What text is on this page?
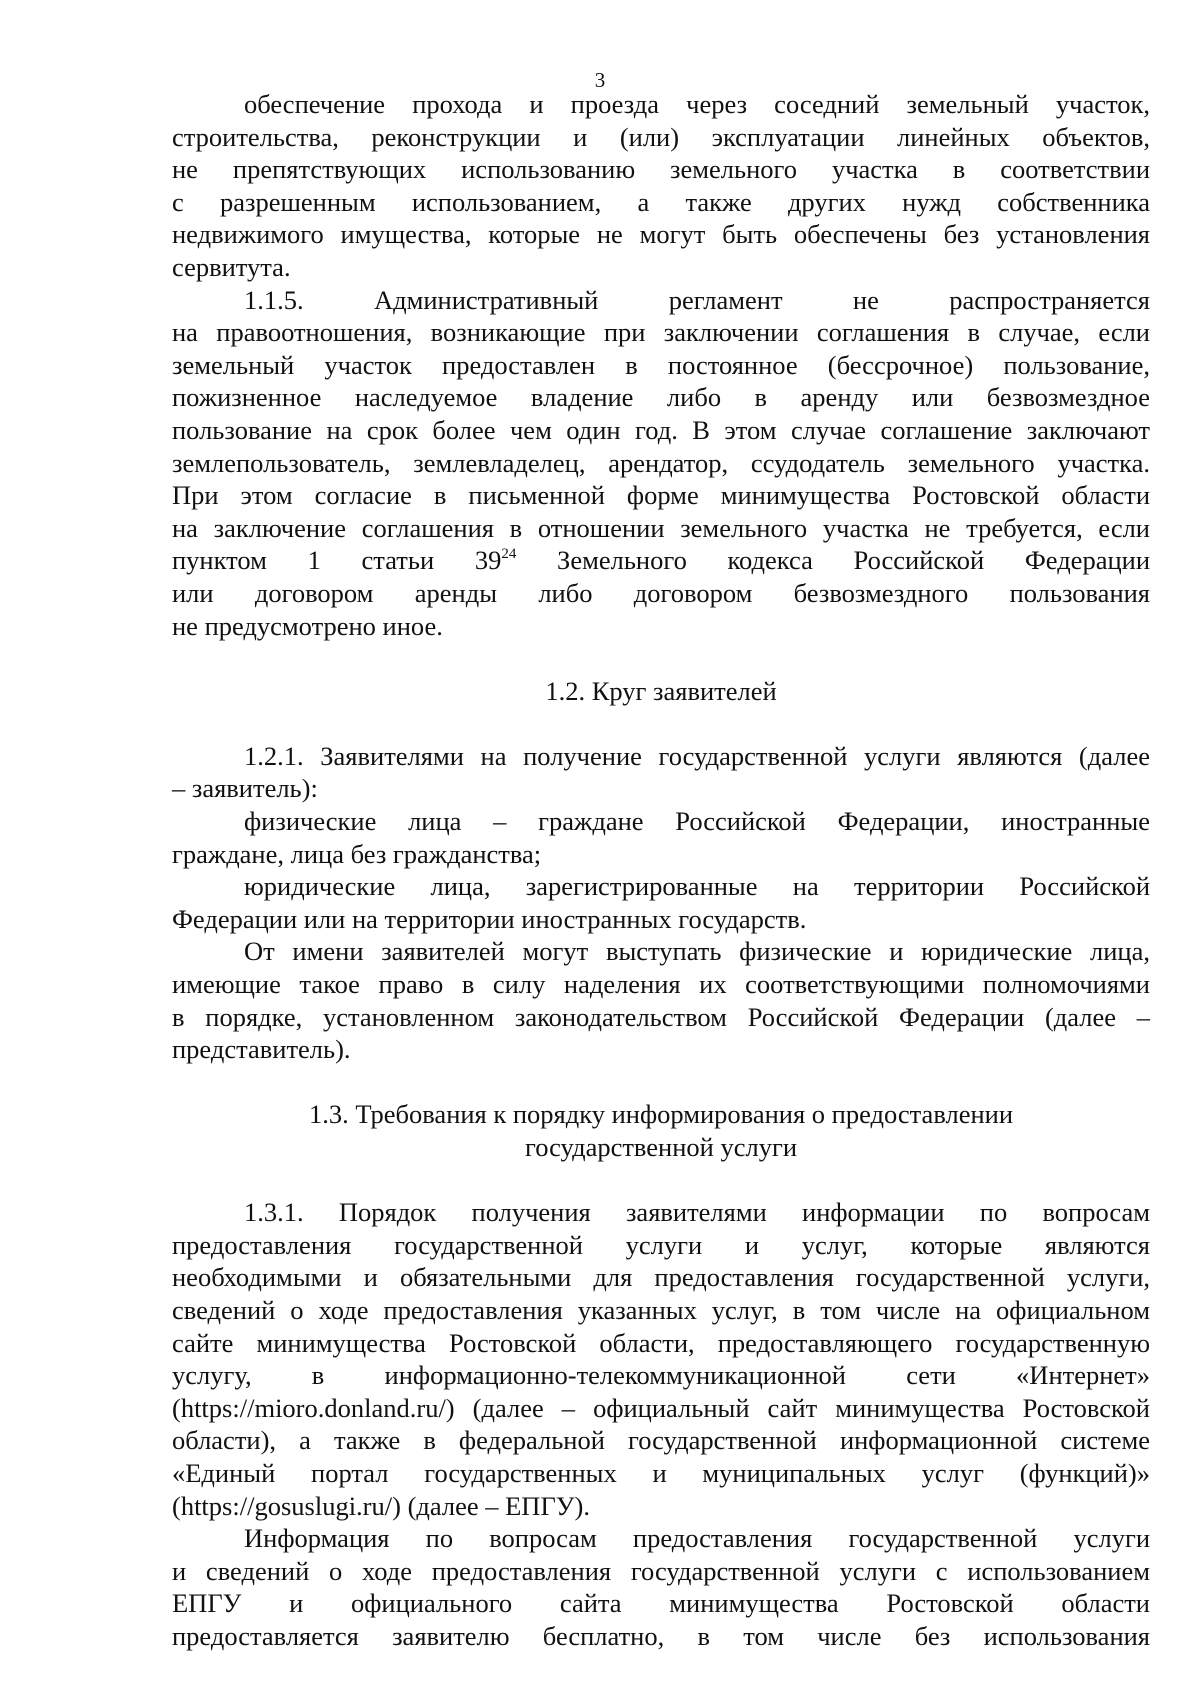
3
обеспечение прохода и проезда через соседний земельный участок,
строительства, реконструкции и (или) эксплуатации линейных объектов,
не препятствующих использованию земельного участка в соответствии
с разрешенным использованием, а также других нужд собственника
недвижимого имущества, которые не могут быть обеспечены без установления
сервитута.
1.1.5. Административный регламент не распространяется
на правоотношения, возникающие при заключении соглашения в случае, если
земельный участок предоставлен в постоянное (бессрочное) пользование,
пожизненное наследуемое владение либо в аренду или безвозмездное
пользование на срок более чем один год. В этом случае соглашение заключают
землепользователь, землевладелец, арендатор, ссудодатель земельного участка.
При этом согласие в письменной форме минимущества Ростовской области
на заключение соглашения в отношении земельного участка не требуется, если
пунктом 1 статьи $39^{24}$ Земельного кодекса Российской Федерации
или договором аренды либо договором безвозмездного пользования
не предусмотрено иное.
1.2. Круг заявителей
1.2.1. Заявителями на получение государственной услуги являются (далее
– заявитель):
физические лица – граждане Российской Федерации, иностранные
граждане, лица без гражданства;
юридические лица, зарегистрированные на территории Российской
Федерации или на территории иностранных государств.
От имени заявителей могут выступать физические и юридические лица,
имеющие такое право в силу наделения их соответствующими полномочиями
в порядке, установленном законодательством Российской Федерации (далее –
представитель).
1.3. Требования к порядку информирования о предоставлении
государственной услуги
1.3.1. Порядок получения заявителями информации по вопросам
предоставления государственной услуги и услуг, которые являются
необходимыми и обязательными для предоставления государственной услуги,
сведений о ходе предоставления указанных услуг, в том числе на официальном
сайте минимущества Ростовской области, предоставляющего государственную
услугу, в информационно-телекоммуникационной сети «Интернет»
(https://mioro.donland.ru/) (далее – официальный сайт минимущества Ростовской
области), а также в федеральной государственной информационной системе
«Единый портал государственных и муниципальных услуг (функций)»
(https://gosuslugi.ru/) (далее – ЕПГУ).
Информация по вопросам предоставления государственной услуги
и сведений о ходе предоставления государственной услуги с использованием
ЕПГУ и официального сайта минимущества Ростовской области
предоставляется заявителю бесплатно, в том числе без использования
